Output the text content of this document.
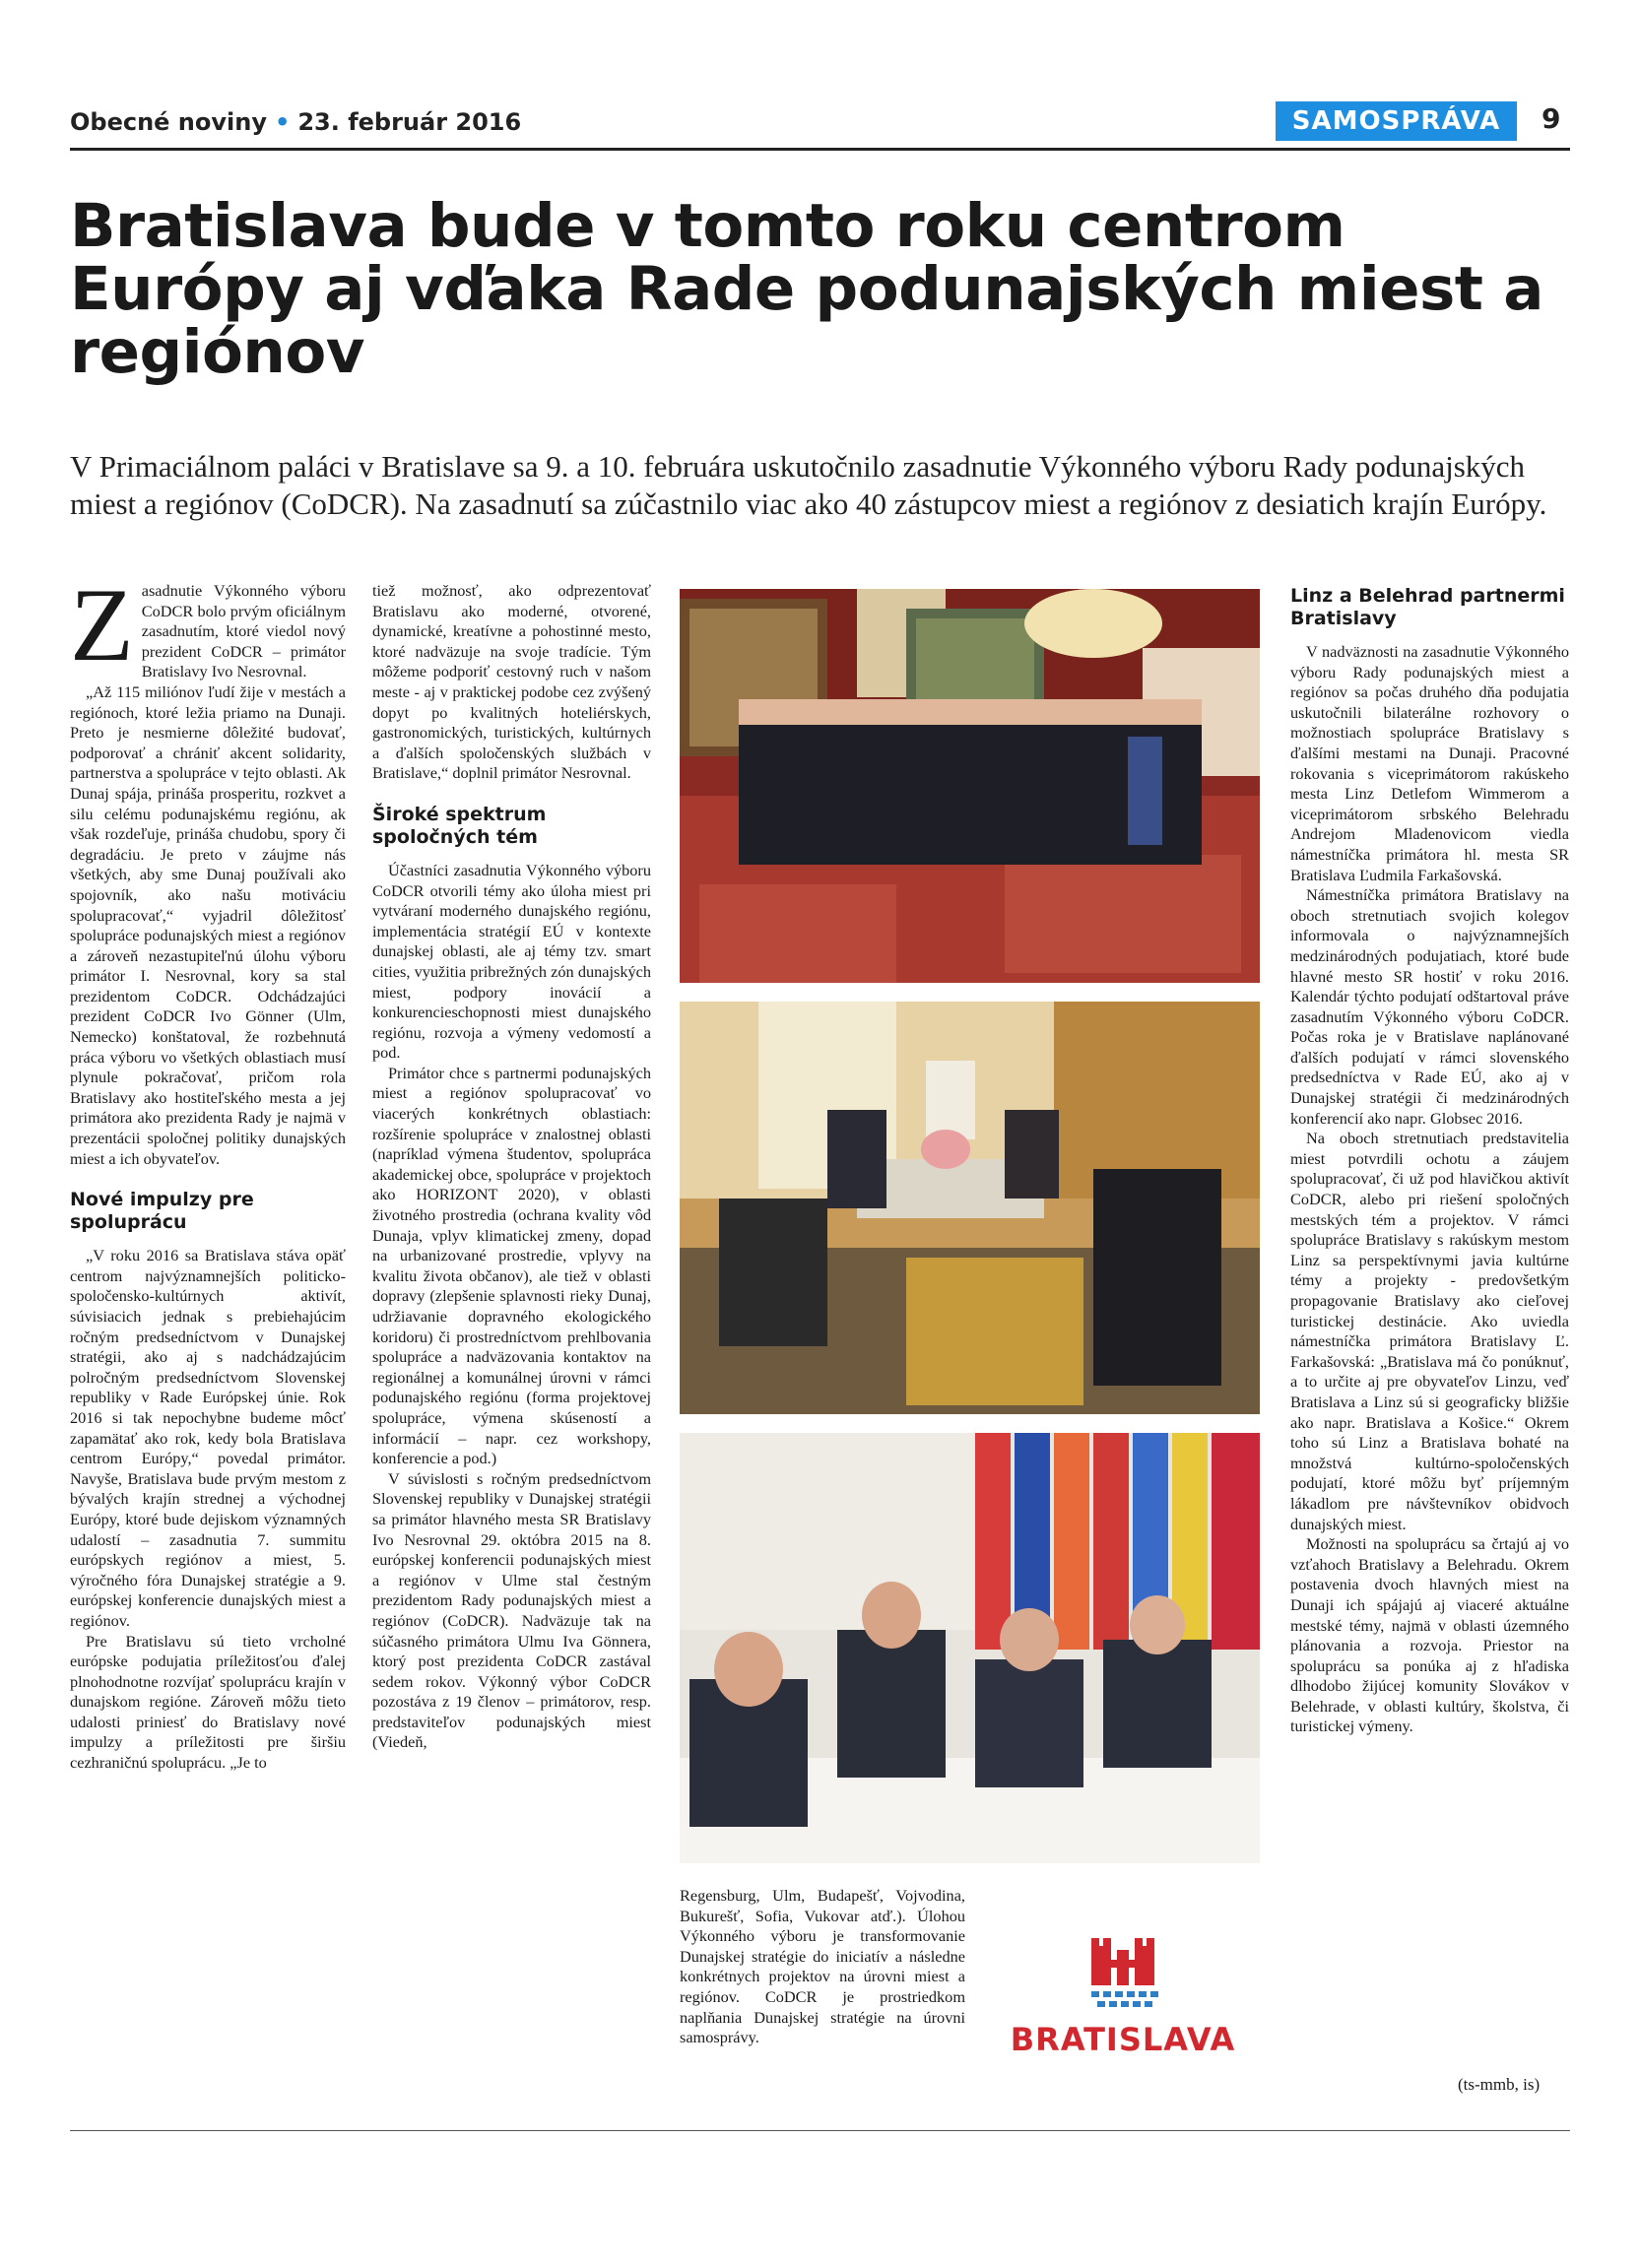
Obecné noviny • 23. február 2016	SAMOSPRÁVA	9
Bratislava bude v tomto roku centrom Európy aj vďaka Rade podunajských miest a regiónov

V Primaciálnom paláci v Bratislave sa 9. a 10. februára uskutočnilo zasadnutie Výkonného výboru Rady podunajských miest a regiónov (CoDCR). Na zasadnutí sa zúčastnilo viac ako 40 zástupcov miest a regiónov z desiatich krajín Európy.

Zasadnutie Výkonného výboru CoDCR bolo prvým oficiálnym zasadnutím, ktoré viedol nový prezident CoDCR – primátor Bratislavy Ivo Nesrovnal.

„Až 115 miliónov ľudí žije v mestách a regiónoch, ktoré ležia priamo na Dunaji. Preto je nesmierne dôležité budovať, podporovať a chrániť akcent solidarity, partnerstva a spolupráce v tejto oblasti. Ak Dunaj spája, prináša prosperitu, rozkvet a silu celému podunajskému regiónu, ak však rozdeľuje, prináša chudobu, spory či degradáciu. Je preto v záujme nás všetkých, aby sme Dunaj používali ako spojovník, ako našu motiváciu spolupracovať,“ vyjadril dôležitosť spolupráce podunajských miest a regiónov a zároveň nezastupiteľnú úlohu výboru primátor I. Nesrovnal, kory sa stal prezidentom CoDCR. Odchádzajúci prezident CoDCR Ivo Gönner (Ulm, Nemecko) konštatoval, že rozbehnutá práca výboru vo všetkých oblastiach musí plynule pokračovať, pričom rola Bratislavy ako hostiteľského mesta a jej primátora ako prezidenta Rady je najmä v prezentácii spoločnej politiky dunajských miest a ich obyvateľov.

Nové impulzy pre spoluprácu

„V roku 2016 sa Bratislava stáva opäť centrom najvýznamnejších politicko-spoločensko-kultúrnych aktivít, súvisiacich jednak s prebiehajúcim ročným predsedníctvom v Dunajskej stratégii, ako aj s nadchádzajúcim polročným predsedníctvom Slovenskej republiky v Rade Európskej únie. Rok 2016 si tak nepochybne budeme môcť zapamätať ako rok, kedy bola Bratislava centrom Európy,“ povedal primátor. Navyše, Bratislava bude prvým mestom z bývalých krajín strednej a východnej Európy, ktoré bude dejiskom významných udalostí – zasadnutia 7. summitu európskych regiónov a miest, 5. výročného fóra Dunajskej stratégie a 9. európskej konferencie dunajských miest a regiónov.

Pre Bratislavu sú tieto vrcholné európske podujatia príležitosťou ďalej plnohodnotne rozvíjať spoluprácu krajín v dunajskom regióne. Zároveň môžu tieto udalosti priniesť do Bratislavy nové impulzy a príležitosti pre širšiu cezhraničnú spoluprácu. „Je to

tiež možnosť, ako odprezentovať Bratislavu ako moderné, otvorené, dynamické, kreatívne a pohostinné mesto, ktoré nadväzuje na svoje tradície. Tým môžeme podporiť cestovný ruch v našom meste - aj v praktickej podobe cez zvýšený dopyt po kvalitných hoteliérskych, gastronomických, turistických, kultúrnych a ďalších spoločenských službách v Bratislave,“ doplnil primátor Nesrovnal.

Široké spektrum spoločných tém

Účastníci zasadnutia Výkonného výboru CoDCR otvorili témy ako úloha miest pri vytváraní moderného dunajského regiónu, implementácia stratégií EÚ v kontexte dunajskej oblasti, ale aj témy tzv. smart cities, využitia pribrežných zón dunajských miest, podpory inovácií a konkurencieschopnosti miest dunajského regiónu, rozvoja a výmeny vedomostí a pod.

Primátor chce s partnermi podunajských miest a regiónov spolupracovať vo viacerých konkrétnych oblastiach: rozšírenie spolupráce v znalostnej oblasti (napríklad výmena študentov, spolupráca akademickej obce, spolupráce v projektoch ako HORIZONT 2020), v oblasti životného prostredia (ochrana kvality vôd Dunaja, vplyv klimatickej zmeny, dopad na urbanizované prostredie, vplyvy na kvalitu života občanov), ale tiež v oblasti dopravy (zlepšenie splavnosti rieky Dunaj, udržiavanie dopravného ekologického koridoru) či prostredníctvom prehlbovania spolupráce a nadväzovania kontaktov na regionálnej a komunálnej úrovni v rámci podunajského regiónu (forma projektovej spolupráce, výmena skúseností a informácií – napr. cez workshopy, konferencie a pod.)

V súvislosti s ročným predsedníctvom Slovenskej republiky v Dunajskej stratégii sa primátor hlavného mesta SR Bratislavy Ivo Nesrovnal 29. októbra 2015 na 8. európskej konferencii podunajských miest a regiónov v Ulme stal čestným prezidentom Rady podunajských miest a regiónov (CoDCR). Nadväzuje tak na súčasného primátora Ulmu Iva Gönnera, ktorý post prezidenta CoDCR zastával sedem rokov. Výkonný výbor CoDCR pozostáva z 19 členov – primátorov, resp. predstaviteľov podunajských miest (Viedeň,

Regensburg, Ulm, Budapešť, Vojvodina, Bukurešť, Sofia, Vukovar atď.). Úlohou Výkonného výboru je transformovanie Dunajskej stratégie do iniciatív a následne konkrétnych projektov na úrovni miest a regiónov. CoDCR je prostriedkom naplňania Dunajskej stratégie na úrovni samosprávy.	BRATISLAVA
Linz a Belehrad partnermi Bratislavy

V nadväznosti na zasadnutie Výkonného výboru Rady podunajských miest a regiónov sa počas druhého dňa podujatia uskutočnili bilaterálne rozhovory o možnostiach spolupráce Bratislavy s ďalšími mestami na Dunaji. Pracovné rokovania s viceprimátorom rakúskeho mesta Linz Detlefom Wimmerom a viceprimátorom srbského Belehradu Andrejom Mladenovicom viedla námestníčka primátora hl. mesta SR Bratislava Ľudmila Farkašovská.

Námestníčka primátora Bratislavy na oboch stretnutiach svojich kolegov informovala o najvýznamnejších medzinárodných podujatiach, ktoré bude hlavné mesto SR hostiť v roku 2016. Kalendár týchto podujatí odštartoval práve zasadnutím Výkonného výboru CoDCR. Počas roka je v Bratislave naplánované ďalších podujatí v rámci slovenského predsedníctva v Rade EÚ, ako aj v Dunajskej stratégii či medzinárodných konferencií ako napr. Globsec 2016.

Na oboch stretnutiach predstavitelia miest potvrdili ochotu a záujem spolupracovať, či už pod hlavičkou aktivít CoDCR, alebo pri riešení spoločných mestských tém a projektov. V rámci spolupráce Bratislavy s rakúskym mestom Linz sa perspektívnymi javia kultúrne témy a projekty - predovšetkým propagovanie Bratislavy ako cieľovej turistickej destinácie. Ako uviedla námestníčka primátora Bratislavy Ľ. Farkašovská: „Bratislava má čo ponúknuť, a to určite aj pre obyvateľov Linzu, veď Bratislava a Linz sú si geograficky bližšie ako napr. Bratislava a Košice.“ Okrem toho sú Linz a Bratislava bohaté na množstvá kultúrno-spoločenských podujatí, ktoré môžu byť príjemným lákadlom pre návštevníkov obidvoch dunajských miest.

Možnosti na spoluprácu sa črtajú aj vo vzťahoch Bratislavy a Belehradu. Okrem postavenia dvoch hlavných miest na Dunaji ich spájajú aj viaceré aktuálne mestské témy, najmä v oblasti územného plánovania a rozvoja. Priestor na spoluprácu sa ponúka aj z hľadiska dlhodobo žijúcej komunity Slovákov v Belehrade, v oblasti kultúry, školstva, či turistickej výmeny.

(ts-mmb, is)
